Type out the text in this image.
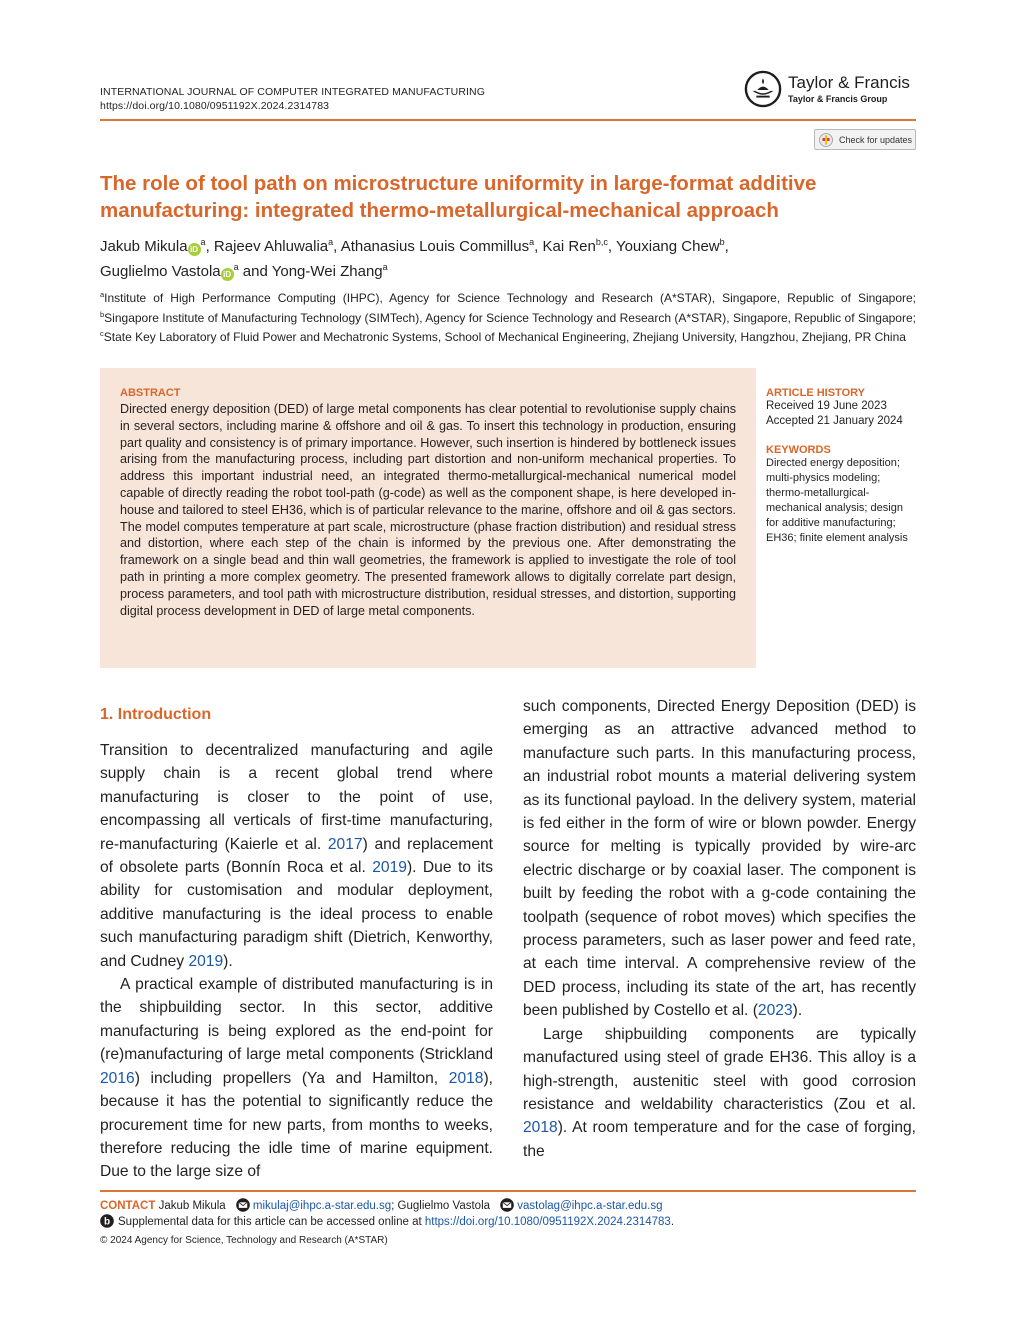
INTERNATIONAL JOURNAL OF COMPUTER INTEGRATED MANUFACTURING
https://doi.org/10.1080/0951192X.2024.2314783
Taylor & Francis
Taylor & Francis Group
Check for updates
The role of tool path on microstructure uniformity in large-format additive manufacturing: integrated thermo-metallurgical-mechanical approach
Jakub Mikula $iD^a$, Rajeev Ahluwalia$^a$, Athanasius Louis Commillus$^a$, Kai Ren$^{b,c}$, Youxiang Chew$^b$,
Guglielmo Vastola $iD^a$ and Yong-Wei Zhang$^a$
$^a$Institute of High Performance Computing (IHPC), Agency for Science Technology and Research (A*STAR), Singapore, Republic of Singapore; $^b$Singapore Institute of Manufacturing Technology (SIMTech), Agency for Science Technology and Research (A*STAR), Singapore, Republic of Singapore; $^c$State Key Laboratory of Fluid Power and Mechatronic Systems, School of Mechanical Engineering, Zhejiang University, Hangzhou, Zhejiang, PR China
ABSTRACT
Directed energy deposition (DED) of large metal components has clear potential to revolutionise supply chains in several sectors, including marine & offshore and oil & gas. To insert this technology in production, ensuring part quality and consistency is of primary importance. However, such insertion is hindered by bottleneck issues arising from the manufacturing process, including part distortion and non-uniform mechanical properties. To address this important industrial need, an integrated thermo-metallurgical-mechanical numerical model capable of directly reading the robot tool-path (g-code) as well as the component shape, is here developed in-house and tailored to steel EH36, which is of particular relevance to the marine, offshore and oil & gas sectors. The model computes temperature at part scale, microstructure (phase fraction distribution) and residual stress and distortion, where each step of the chain is informed by the previous one. After demonstrating the framework on a single bead and thin wall geometries, the framework is applied to investigate the role of tool path in printing a more complex geometry. The presented framework allows to digitally correlate part design, process parameters, and tool path with microstructure distribution, residual stresses, and distortion, supporting digital process development in DED of large metal components.
ARTICLE HISTORY
Received 19 June 2023
Accepted 21 January 2024
KEYWORDS
Directed energy deposition; multi-physics modeling; thermo-metallurgical-mechanical analysis; design for additive manufacturing; EH36; finite element analysis
1. Introduction

Transition to decentralized manufacturing and agile supply chain is a recent global trend where manufacturing is closer to the point of use, encompassing all verticals of first-time manufacturing, re-manufacturing (Kaierle et al. 2017) and replacement of obsolete parts (Bonnín Roca et al. 2019). Due to its ability for customisation and modular deployment, additive manufacturing is the ideal process to enable such manufacturing paradigm shift (Dietrich, Kenworthy, and Cudney 2019).

A practical example of distributed manufacturing is in the shipbuilding sector. In this sector, additive manufacturing is being explored as the end-point for (re)manufacturing of large metal components (Strickland 2016) including propellers (Ya and Hamilton, 2018), because it has the potential to significantly reduce the procurement time for new parts, from months to weeks, therefore reducing the idle time of marine equipment. Due to the large size of

such components, Directed Energy Deposition (DED) is emerging as an attractive advanced method to manufacture such parts. In this manufacturing process, an industrial robot mounts a material delivering system as its functional payload. In the delivery system, material is fed either in the form of wire or blown powder. Energy source for melting is typically provided by wire-arc electric discharge or by coaxial laser. The component is built by feeding the robot with a g-code containing the toolpath (sequence of robot moves) which specifies the process parameters, such as laser power and feed rate, at each time interval. A comprehensive review of the DED process, including its state of the art, has recently been published by Costello et al. (2023).

Large shipbuilding components are typically manufactured using steel of grade EH36. This alloy is a high-strength, austenitic steel with good corrosion resistance and weldability characteristics (Zou et al. 2018). At room temperature and for the case of forging, the

CONTACT Jakub Mikula mikulaj@ihpc.a-star.edu.sg; Guglielmo Vastola vastolag@ihpc.a-star.edu.sg
b Supplemental data for this article can be accessed online at https://doi.org/10.1080/0951192X.2024.2314783.
© 2024 Agency for Science, Technology and Research (A*STAR)
